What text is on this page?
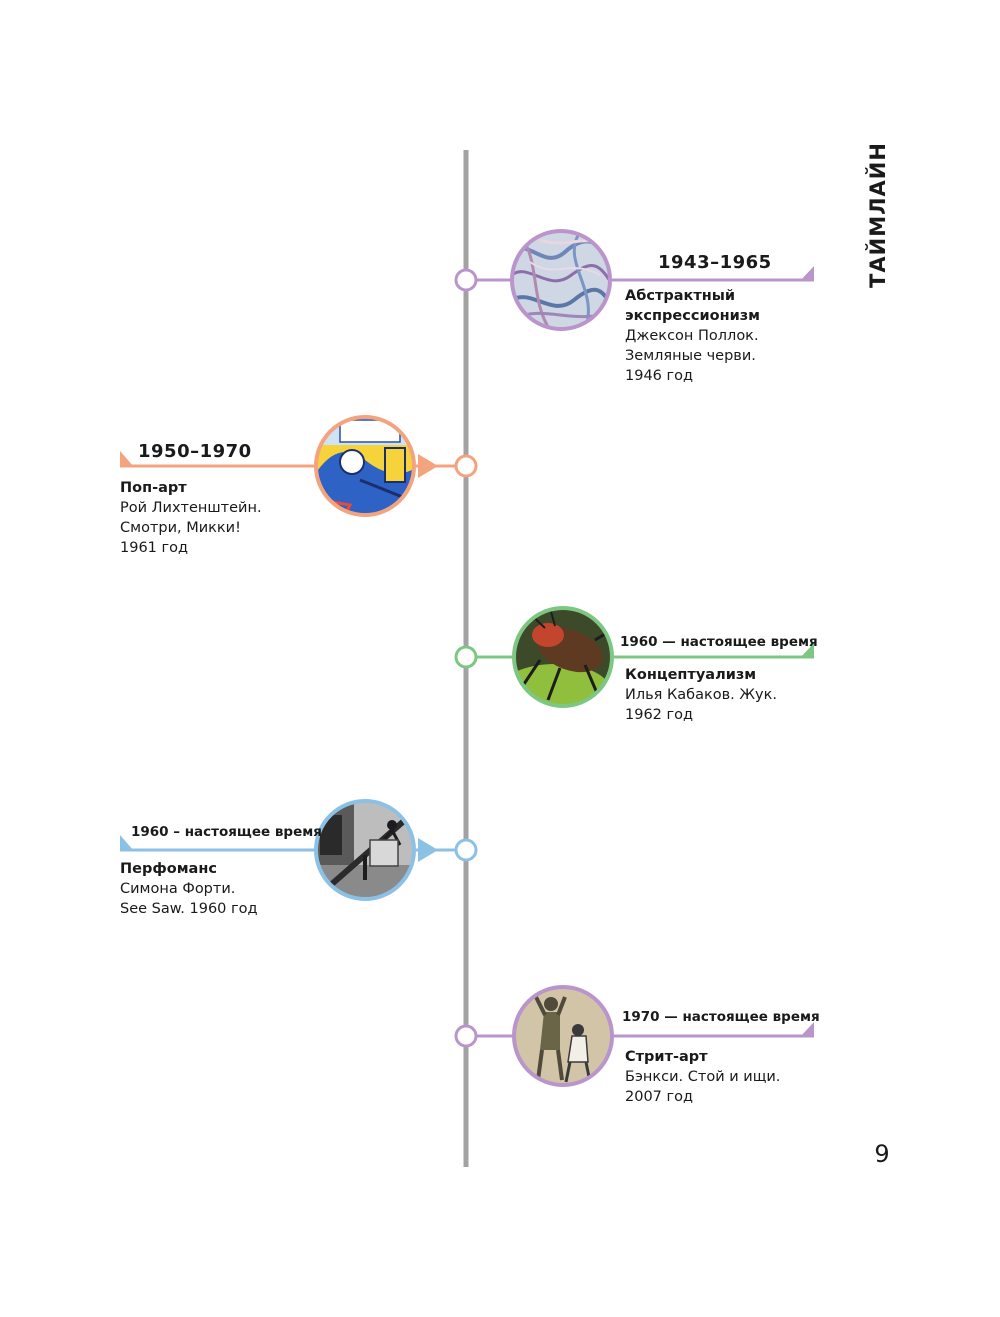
ТАЙМЛАЙН
9
1943–1965
Абстрактный
экспрессионизм
Джексон Поллок.
Земляные черви.
1946 год
1950–1970
Поп-арт
Рой Лихтенштейн.
Смотри, Микки!
1961 год
1960 — настоящее время
Концептуализм
Илья Кабаков. Жук.
1962 год
1960 – настоящее время
Перфоманс
Симона Форти.
See Saw. 1960 год
1970 — настоящее время
Стрит-арт
Бэнкси. Стой и ищи.
2007 год
